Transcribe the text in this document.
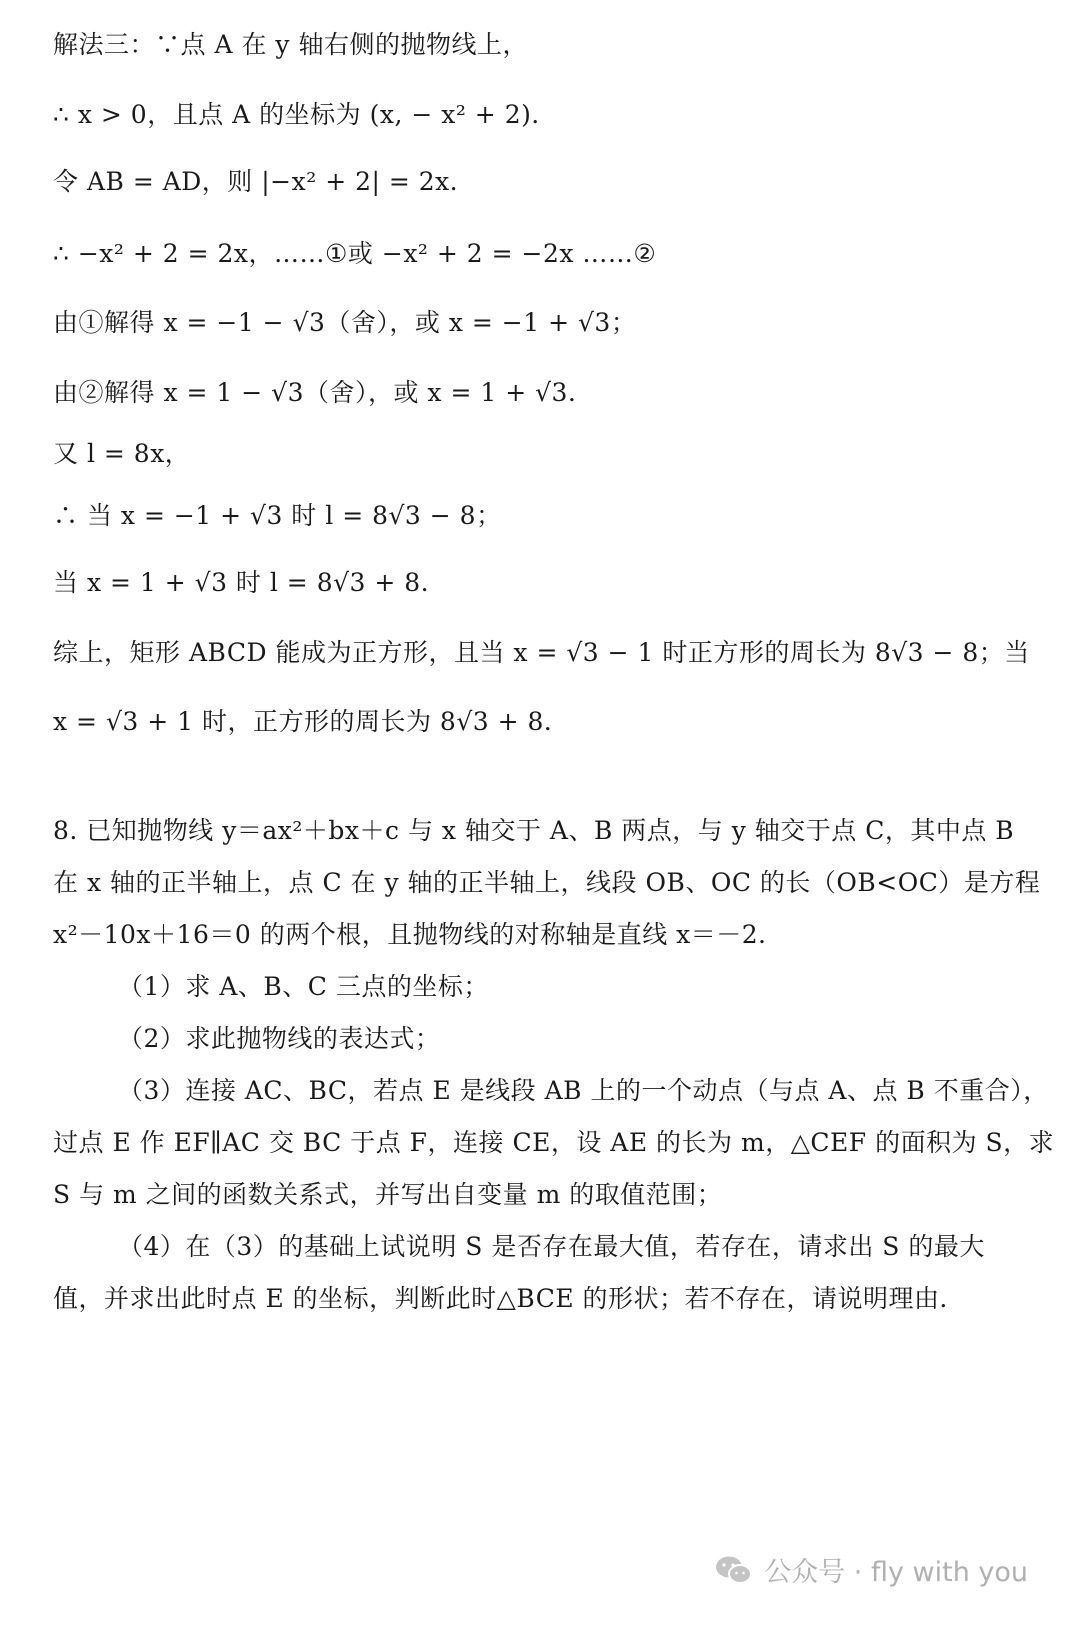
解法三：∵点 A 在 y 轴右侧的抛物线上，
∴ x > 0，且点 A 的坐标为 (x, − x² + 2)．
令 AB = AD，则 |−x² + 2| = 2x．
∴ −x² + 2 = 2x，……①或 −x² + 2 = −2x ……②
由①解得 x = −1 − √3（舍），或 x = −1 + √3；
由②解得 x = 1 − √3（舍），或 x = 1 + √3．
又 l = 8x，
∴ 当 x = −1 + √3 时 l = 8√3 − 8；
当 x = 1 + √3 时 l = 8√3 + 8．
综上，矩形 ABCD 能成为正方形，且当 x = √3 − 1 时正方形的周长为 8√3 − 8；当
x = √3 + 1 时，正方形的周长为 8√3 + 8．
8. 已知抛物线 y＝ax²＋bx＋c 与 x 轴交于 A、B 两点，与 y 轴交于点 C，其中点 B
在 x 轴的正半轴上，点 C 在 y 轴的正半轴上，线段 OB、OC 的长（OB<OC）是方程
x²－10x＋16＝0 的两个根，且抛物线的对称轴是直线 x＝－2．
（1）求 A、B、C 三点的坐标；
（2）求此抛物线的表达式；
（3）连接 AC、BC，若点 E 是线段 AB 上的一个动点（与点 A、点 B 不重合），
过点 E 作 EF∥AC 交 BC 于点 F，连接 CE，设 AE 的长为 m，△CEF 的面积为 S，求
S 与 m 之间的函数关系式，并写出自变量 m 的取值范围；
（4）在（3）的基础上试说明 S 是否存在最大值，若存在，请求出 S 的最大
值，并求出此时点 E 的坐标，判断此时△BCE 的形状；若不存在，请说明理由．
公众号 · fly with you
